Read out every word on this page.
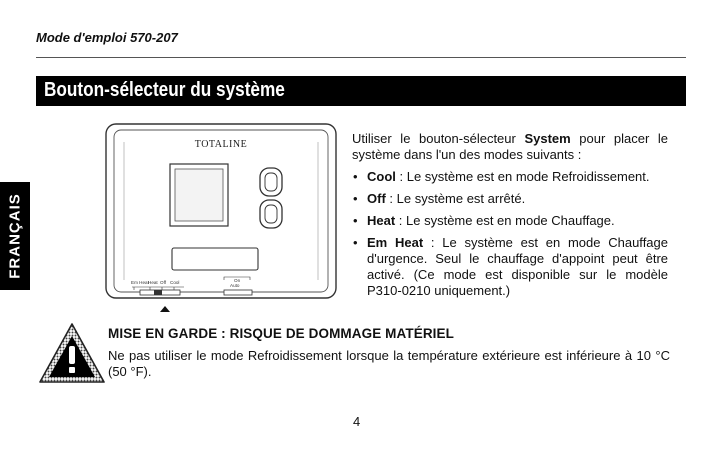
Mode d'emploi 570-207
Bouton-sélecteur du système
FRANÇAIS
TOTALINE
Em Heat Heat Off Cool	On
Auto

Utiliser le bouton-sélecteur System pour placer le système dans l'un des modes suivants :

• Cool : Le système est en mode Refroidissement.
• Off : Le système est arrêté.
• Heat : Le système est en mode Chauffage.
• Em Heat : Le système est en mode Chauffage d'urgence. Seul le chauffage d'appoint peut être activé. (Ce mode est disponible sur le modèle P310-0210 uniquement.)
MISE EN GARDE : RISQUE DE DOMMAGE MATÉRIEL
Ne pas utiliser le mode Refroidissement lorsque la température extérieure est inférieure à 10 °C (50 °F).
4
